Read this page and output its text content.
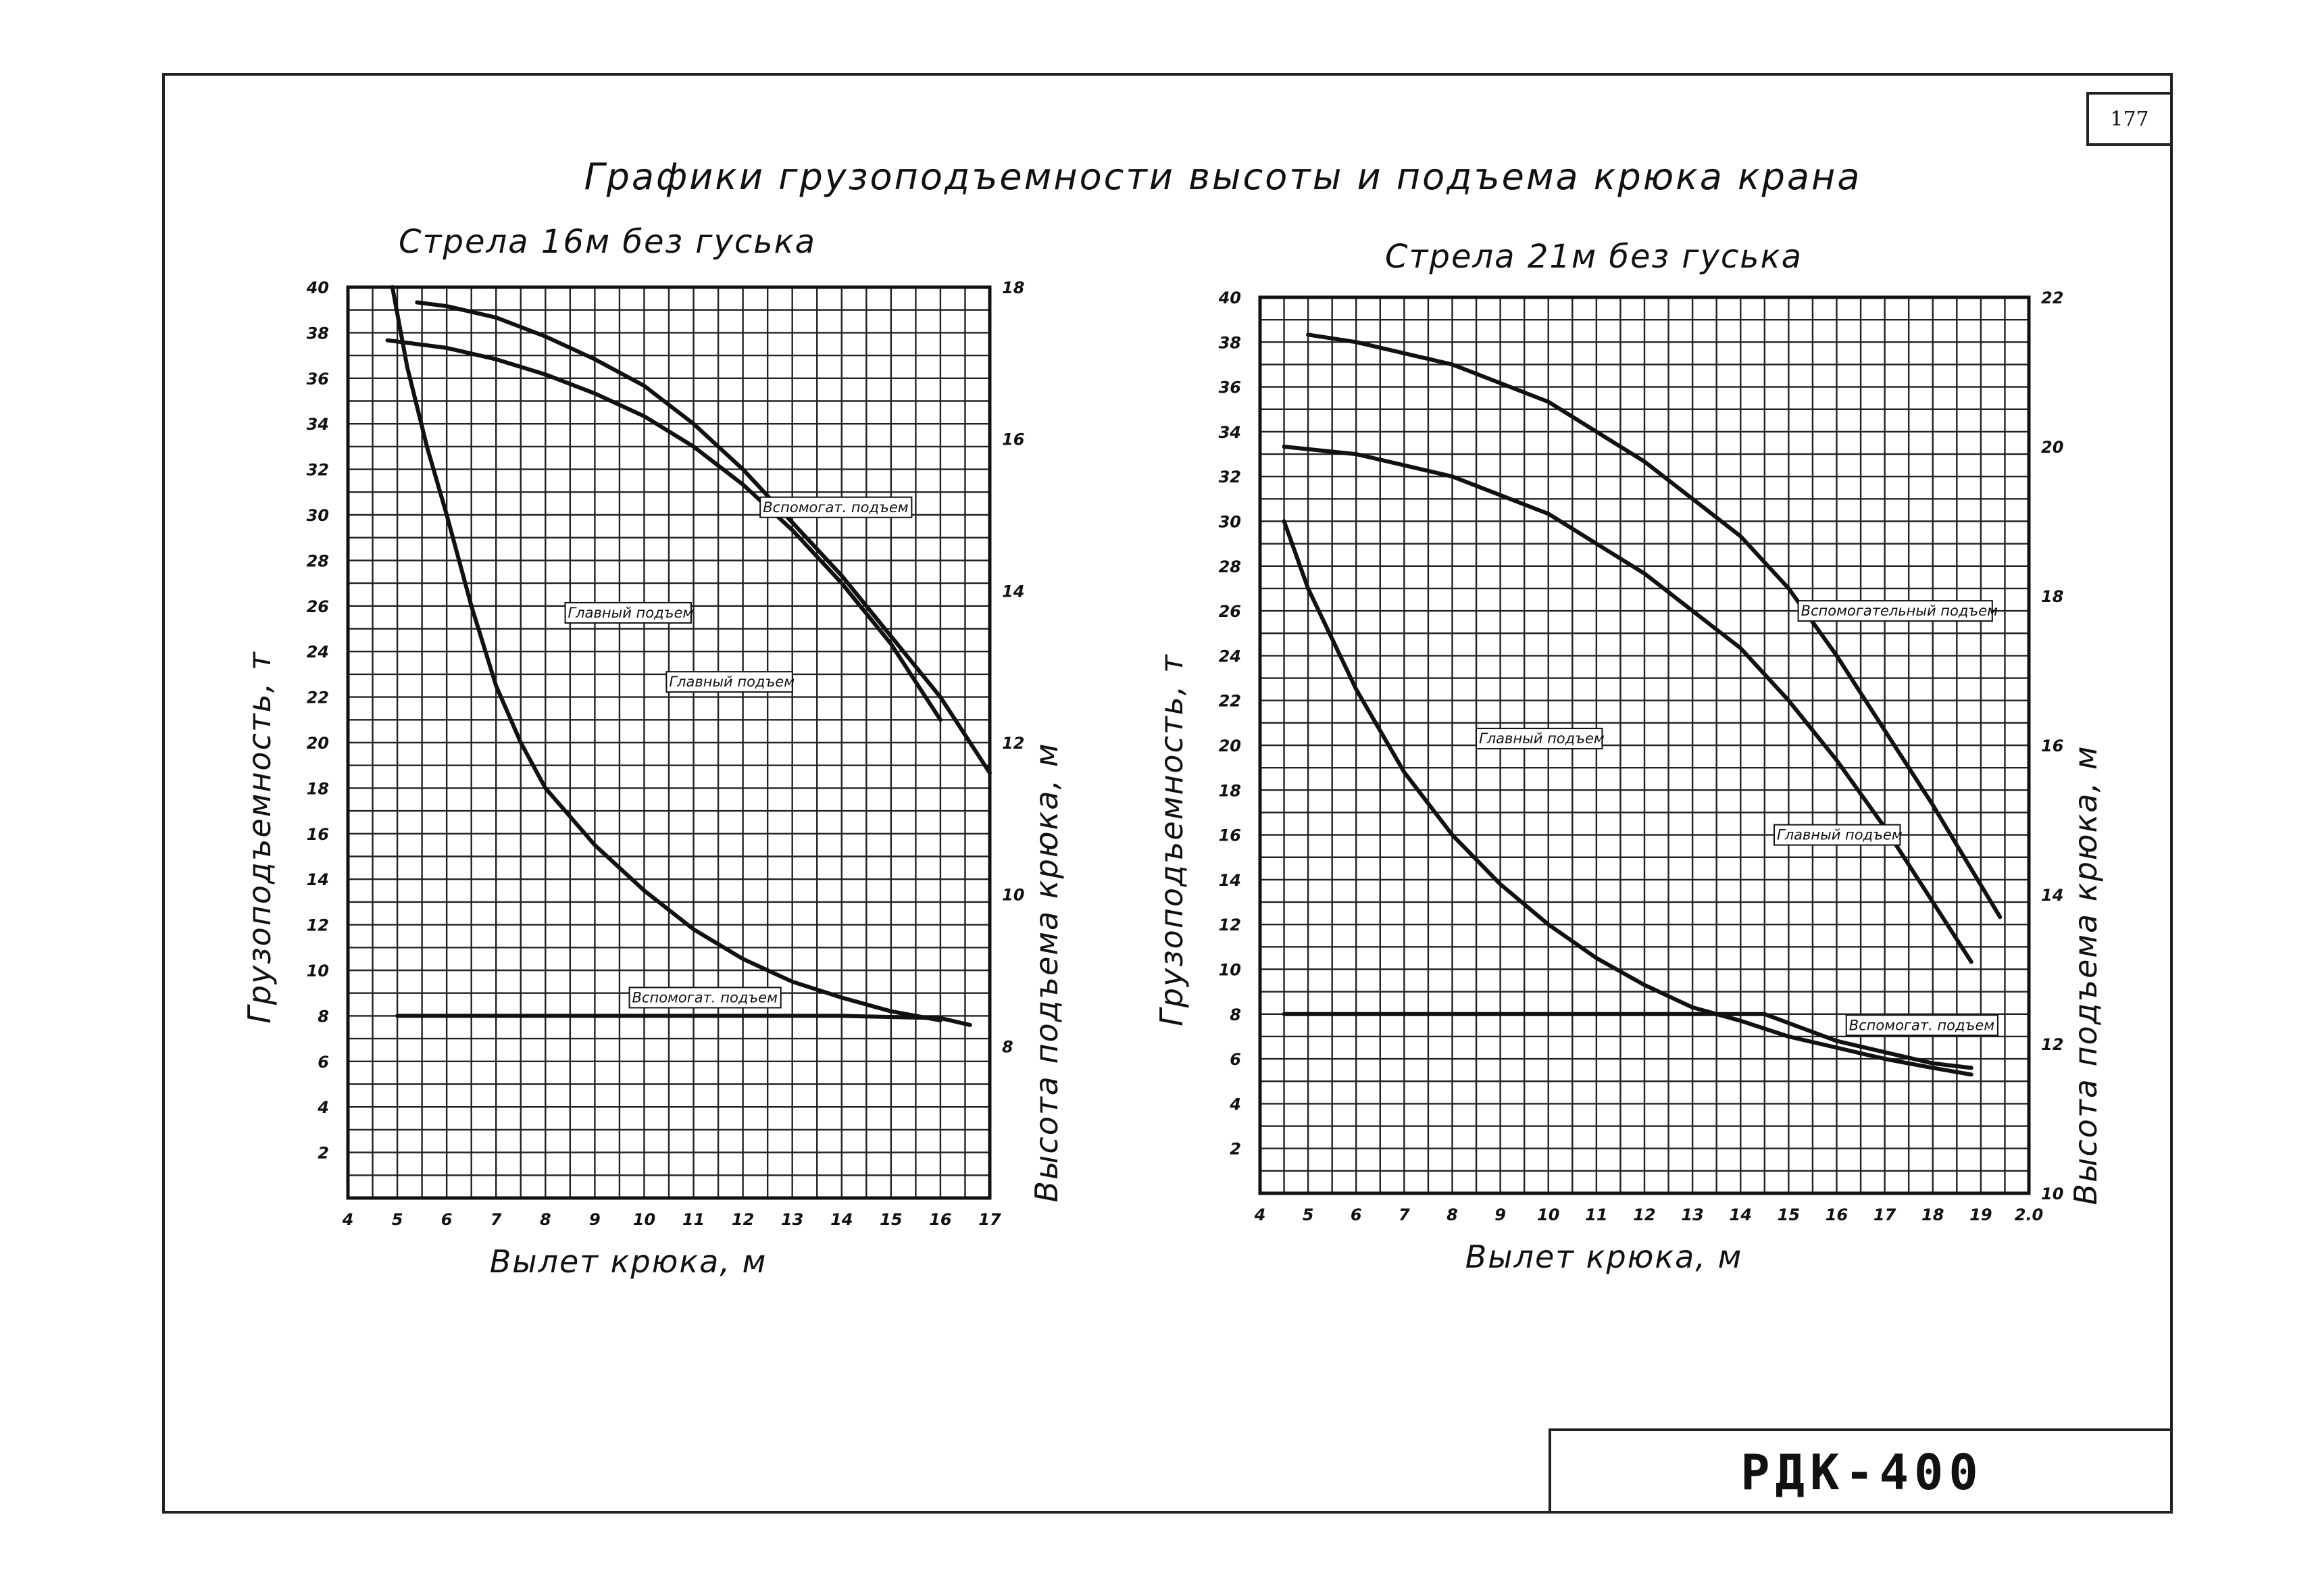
177
Графики грузоподъемности высоты и подъема крюка крана
Стрела 16м без гуська	Стрела 21м без гуська
РДК-400
4 5 6 7 8 9 10 11 12 13 14 15 16 17
2
4
6
8
10
12
14
16
18
20
22
24
26
28
30
32
34
36
38
40
8
10
12
14
16
18
Вылет крюка, м
Грузоподъемность, т	Высота подъема крюка, м
Вспомогат. подъем
Главный подъем
Главный подъем
Вспомогат. подъем
4 5 6 7 8 9 10 11 12 13 14 15 16 17 18 19 2.0
2
4
6
8
10
12
14
16
18
20
22
24
26
28
30
32
34
36
38
40
10
12
14
16
18
20
22
Вылет крюка, м
Грузоподъемность, т	Высота подъема крюка, м
Вспомогательный подъем
Главный подъем
Главный подъем
Вспомогат. подъем
